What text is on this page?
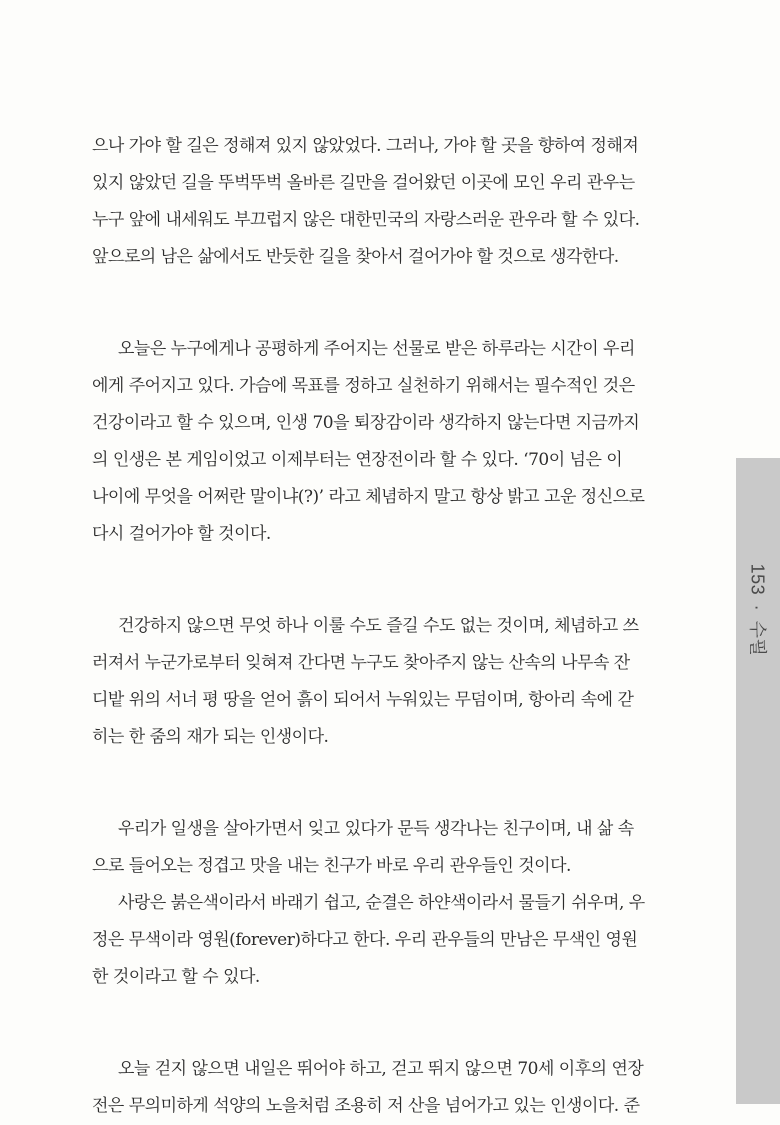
으나 가야 할 길은 정해져 있지 않았었다. 그러나, 가야 할 곳을 향하여 정해져
있지 않았던 길을 뚜벅뚜벅 올바른 길만을 걸어왔던 이곳에 모인 우리 관우는
누구 앞에 내세워도 부끄럽지 않은 대한민국의 자랑스러운 관우라 할 수 있다.
앞으로의 남은 삶에서도 반듯한 길을 찾아서 걸어가야 할 것으로 생각한다.
오늘은 누구에게나 공평하게 주어지는 선물로 받은 하루라는 시간이 우리
에게 주어지고 있다. 가슴에 목표를 정하고 실천하기 위해서는 필수적인 것은
건강이라고 할 수 있으며, 인생 70을 퇴장감이라 생각하지 않는다면 지금까지
의 인생은 본 게임이었고 이제부터는 연장전이라 할 수 있다. ‘70이 넘은 이
나이에 무엇을 어쩌란 말이냐(?)’ 라고 체념하지 말고 항상 밝고 고운 정신으로
다시 걸어가야 할 것이다.
건강하지 않으면 무엇 하나 이룰 수도 즐길 수도 없는 것이며, 체념하고 쓰
러져서 누군가로부터 잊혀져 간다면 누구도 찾아주지 않는 산속의 나무속 잔
디밭 위의 서너 평 땅을 얻어 흙이 되어서 누워있는 무덤이며, 항아리 속에 갇
히는 한 줌의 재가 되는 인생이다.
우리가 일생을 살아가면서 잊고 있다가 문득 생각나는 친구이며, 내 삶 속
으로 들어오는 정겹고 맛을 내는 친구가 바로 우리 관우들인 것이다.
사랑은 붉은색이라서 바래기 쉽고, 순결은 하얀색이라서 물들기 쉬우며, 우
정은 무색이라 영원(forever)하다고 한다. 우리 관우들의 만남은 무색인 영원
한 것이라고 할 수 있다.
오늘 걷지 않으면 내일은 뛰어야 하고, 걷고 뛰지 않으면 70세 이후의 연장
전은 무의미하게 석양의 노을처럼 조용히 저 산을 넘어가고 있는 인생이다. 준
153 · 수필
